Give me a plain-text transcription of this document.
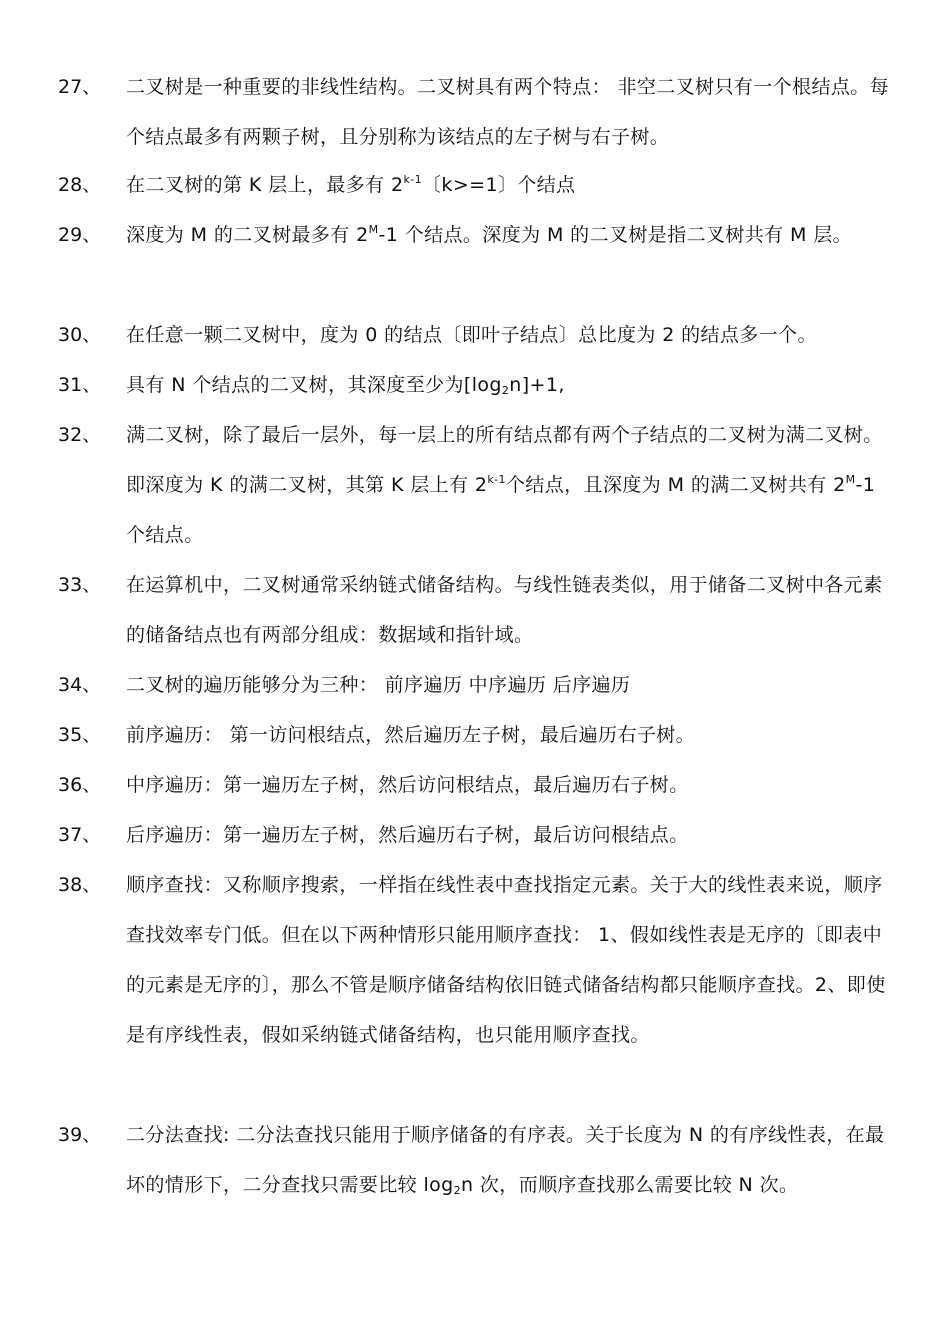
27、	二叉树是一种重要的非线性结构。二叉树具有两个特点： 非空二叉树只有一个根结点。每个结点最多有两颗子树，且分别称为该结点的左子树与右子树。
28、	在二叉树的第 K 层上，最多有 2$^{k-1}$〔k>=1〕个结点
29、	深度为 M 的二叉树最多有 $2^M-1$ 个结点。深度为 M 的二叉树是指二叉树共有 M 层。
30、	在任意一颗二叉树中，度为 0 的结点〔即叶子结点〕总比度为 2 的结点多一个。
31、	具有 N 个结点的二叉树，其深度至少为$[\log_2n]+1$,
32、	满二叉树，除了最后一层外，每一层上的所有结点都有两个子结点的二叉树为满二叉树。即深度为 K 的满二叉树，其第 K 层上有 2$^{k-1}$个结点，且深度为 M 的满二叉树共有 $2^M-1$ 个结点。
33、	在运算机中，二叉树通常采纳链式储备结构。与线性链表类似，用于储备二叉树中各元素的储备结点也有两部分组成：数据域和指针域。
34、	二叉树的遍历能够分为三种： 前序遍历 中序遍历 后序遍历
35、	前序遍历： 第一访问根结点，然后遍历左子树，最后遍历右子树。
36、	中序遍历：第一遍历左子树，然后访问根结点，最后遍历右子树。
37、	后序遍历：第一遍历左子树，然后遍历右子树，最后访问根结点。
38、	顺序查找：又称顺序搜索，一样指在线性表中查找指定元素。关于大的线性表来说，顺序查找效率专门低。但在以下两种情形只能用顺序查找： 1、假如线性表是无序的〔即表中的元素是无序的〕，那么不管是顺序储备结构依旧链式储备结构都只能顺序查找。2、即使是有序线性表，假如采纳链式储备结构，也只能用顺序查找。
39、	二分法查找: 二分法查找只能用于顺序储备的有序表。关于长度为 N 的有序线性表，在最坏的情形下，二分查找只需要比较 $\log_2n$ 次，而顺序查找那么需要比较 N 次。
